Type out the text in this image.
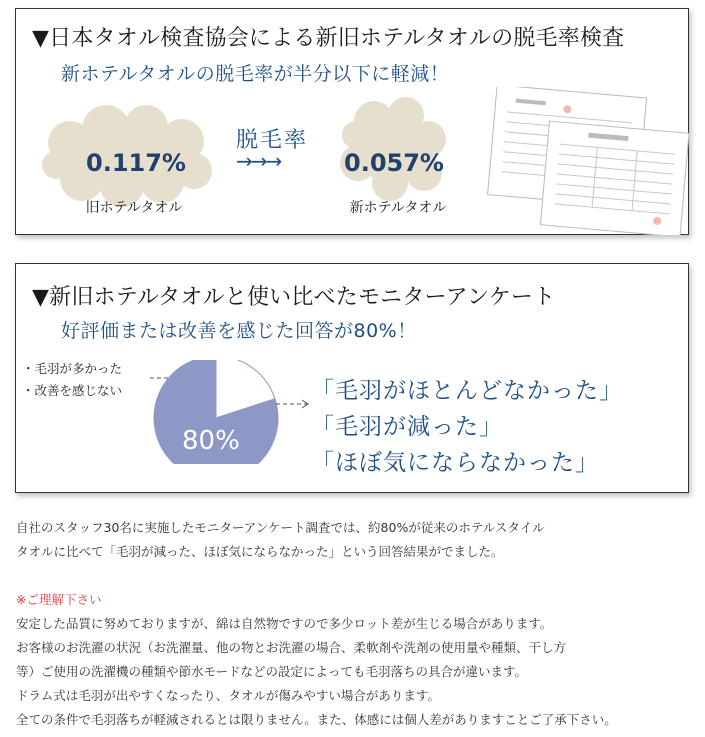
▼日本タオル検査協会による新旧ホテルタオルの脱毛率検査
新ホテルタオルの脱毛率が半分以下に軽減！
0.117%
旧ホテルタオル
脱毛率
→→→	0.057%
新ホテルタオル
▼新旧ホテルタオルと使い比べたモニターアンケート
好評価または改善を感じた回答が80%！
・毛羽が多かった
・改善を感じない
80%
「毛羽がほとんどなかった」
「毛羽が減った」
「ほぼ気にならなかった」
自社のスタッフ30名に実施したモニターアンケート調査では、約80%が従来のホテルスタイル
タオルに比べて「毛羽が減った、ほぼ気にならなかった」という回答結果がでました。
※ご理解下さい
安定した品質に努めておりますが、綿は自然物ですので多少ロット差が生じる場合があります。
お客様のお洗濯の状況（お洗濯量、他の物とお洗濯の場合、柔軟剤や洗剤の使用量や種類、干し方
等）ご使用の洗濯機の種類や節水モードなどの設定によっても毛羽落ちの具合が違います。
ドラム式は毛羽が出やすくなったり、タオルが傷みやすい場合があります。
全ての条件で毛羽落ちが軽減されるとは限りません。また、体感には個人差がありますことご了承下さい。
